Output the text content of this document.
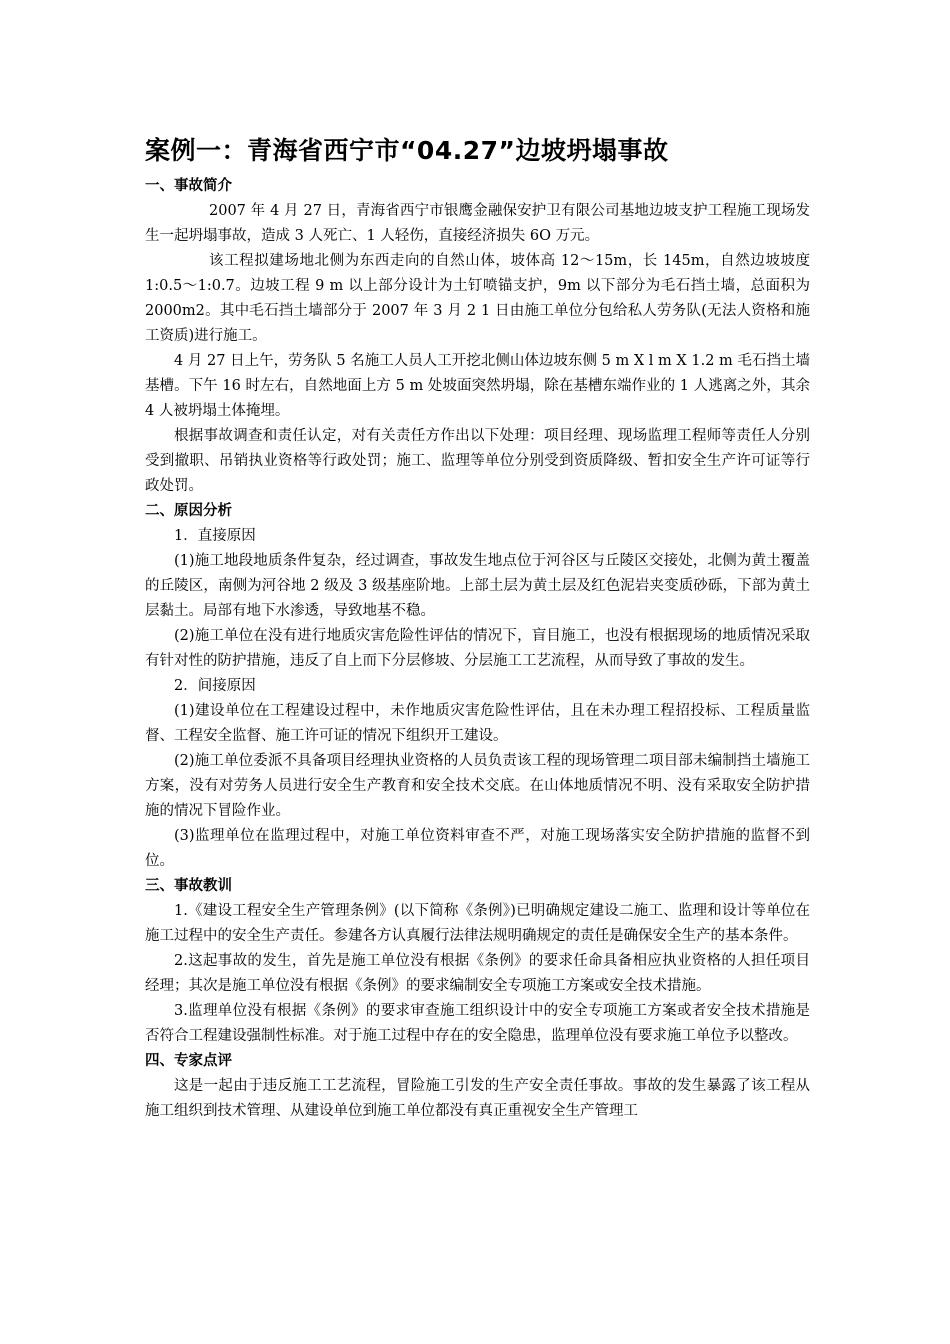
案例一：青海省西宁市“04.27”边坡坍塌事故
一、事故简介
2007 年 4 月 27 日，青海省西宁市银鹰金融保安护卫有限公司基地边坡支护工程施工现场发生一起坍塌事故，造成 3 人死亡、1 人轻伤，直接经济损失 6O 万元。
该工程拟建场地北侧为东西走向的自然山体，坡体高 12～15m，长 145m，自然边坡坡度 1:0.5～1:0.7。边坡工程 9 m 以上部分设计为土钉喷锚支护，9m 以下部分为毛石挡土墙，总面积为 2000m2。其中毛石挡土墙部分于 2007 年 3 月 2 1 日由施工单位分包给私人劳务队(无法人资格和施工资质)进行施工。
4 月 27 日上午，劳务队 5 名施工人员人工开挖北侧山体边坡东侧 5 m X l m X 1.2 m 毛石挡土墙基槽。下午 16 时左右，自然地面上方 5 m 处坡面突然坍塌，除在基槽东端作业的 1 人逃离之外，其余 4 人被坍塌土体掩埋。
根据事故调查和责任认定，对有关责任方作出以下处理：项目经理、现场监理工程师等责任人分别受到撤职、吊销执业资格等行政处罚；施工、监理等单位分别受到资质降级、暂扣安全生产许可证等行政处罚。
二、原因分析
1．直接原因
(1)施工地段地质条件复杂，经过调查，事故发生地点位于河谷区与丘陵区交接处，北侧为黄土覆盖的丘陵区，南侧为河谷地 2 级及 3 级基座阶地。上部土层为黄土层及红色泥岩夹变质砂砾，下部为黄土层黏土。局部有地下水渗透，导致地基不稳。
(2)施工单位在没有进行地质灾害危险性评估的情况下，盲目施工，也没有根据现场的地质情况采取有针对性的防护措施，违反了自上而下分层修坡、分层施工工艺流程，从而导致了事故的发生。
2．间接原因
(1)建设单位在工程建设过程中，未作地质灾害危险性评估，且在未办理工程招投标、工程质量监督、工程安全监督、施工许可证的情况下组织开工建设。
(2)施工单位委派不具备项目经理执业资格的人员负责该工程的现场管理二项目部未编制挡土墙施工方案，没有对劳务人员进行安全生产教育和安全技术交底。在山体地质情况不明、没有采取安全防护措施的情况下冒险作业。
(3)监理单位在监理过程中，对施工单位资料审查不严，对施工现场落实安全防护措施的监督不到位。
三、事故教训
1.《建设工程安全生产管理条例》(以下简称《条例》)已明确规定建设二施工、监理和设计等单位在施工过程中的安全生产责任。参建各方认真履行法律法规明确规定的责任是确保安全生产的基本条件。
2.这起事故的发生，首先是施工单位没有根据《条例》的要求任命具备相应执业资格的人担任项目经理；其次是施工单位没有根据《条例》的要求编制安全专项施工方案或安全技术措施。
3.监理单位没有根据《条例》的要求审查施工组织设计中的安全专项施工方案或者安全技术措施是否符合工程建设强制性标准。对于施工过程中存在的安全隐患，监理单位没有要求施工单位予以整改。
四、专家点评
这是一起由于违反施工工艺流程，冒险施工引发的生产安全责任事故。事故的发生暴露了该工程从施工组织到技术管理、从建设单位到施工单位都没有真正重视安全生产管理工
